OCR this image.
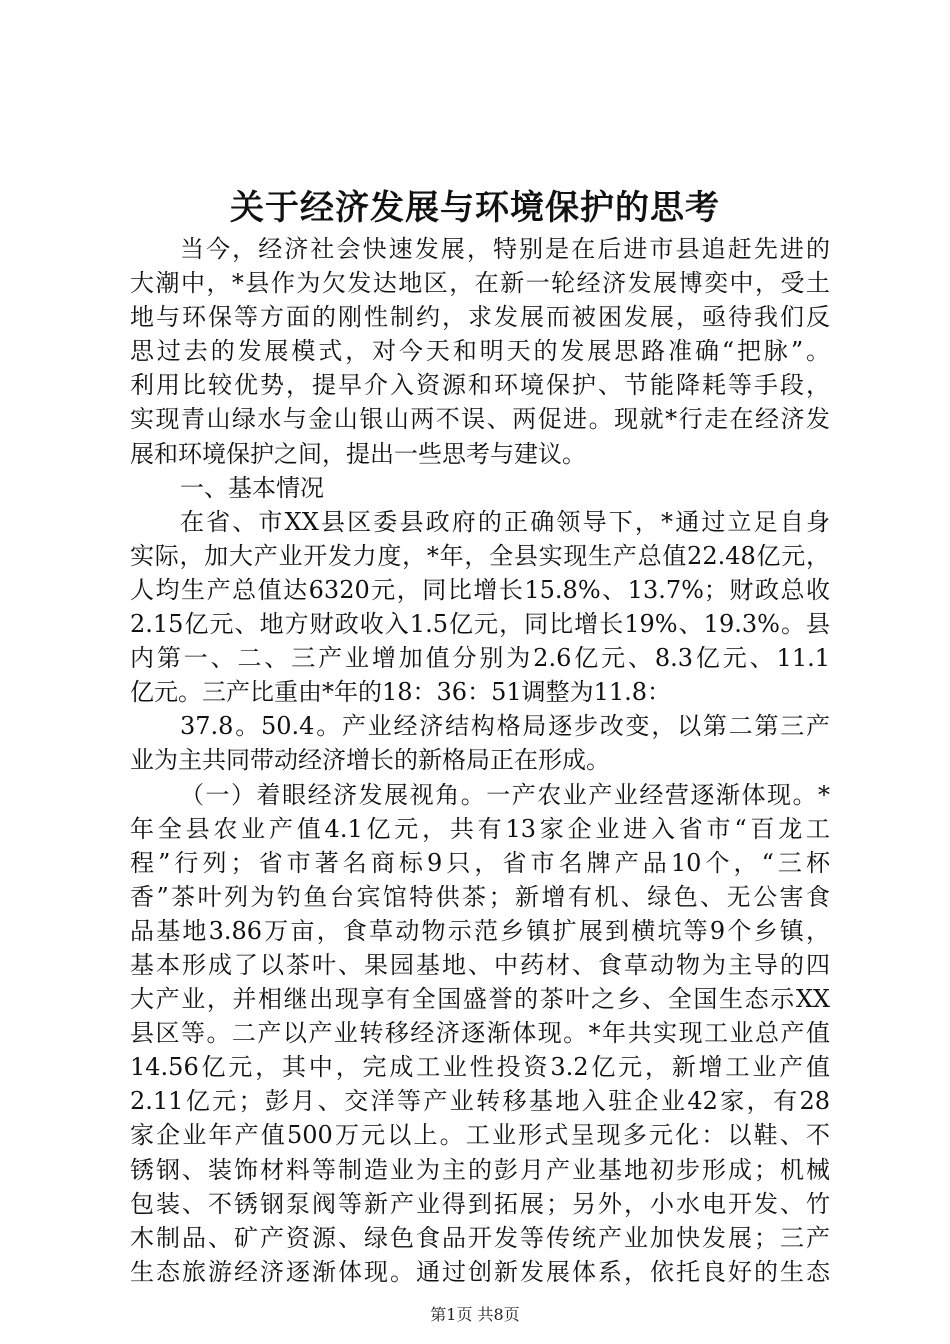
关于经济发展与环境保护的思考
当今，经济社会快速发展，特别是在后进市县追赶先进的
大潮中，*县作为欠发达地区，在新一轮经济发展博奕中，受土
地与环保等方面的刚性制约，求发展而被困发展，亟待我们反
思过去的发展模式，对今天和明天的发展思路准确“把脉”。
利用比较优势，提早介入资源和环境保护、节能降耗等手段，
实现青山绿水与金山银山两不误、两促进。现就*行走在经济发
展和环境保护之间，提出一些思考与建议。
一、基本情况
在省、市XX县区委县政府的正确领导下，*通过立足自身
实际，加大产业开发力度，*年，全县实现生产总值22.48亿元，
人均生产总值达6320元，同比增长15.8%、13.7%；财政总收
2.15亿元、地方财政收入1.5亿元，同比增长19%、19.3%。县
内第一、二、三产业增加值分别为2.6亿元、8.3亿元、11.1
亿元。三产比重由*年的18：36：51调整为11.8：
37.8。50.4。产业经济结构格局逐步改变，以第二第三产
业为主共同带动经济增长的新格局正在形成。
（一）着眼经济发展视角。一产农业产业经营逐渐体现。*
年全县农业产值4.1亿元，共有13家企业进入省市“百龙工
程”行列；省市著名商标9只，省市名牌产品10个，“三杯
香”茶叶列为钓鱼台宾馆特供茶；新增有机、绿色、无公害食
品基地3.86万亩，食草动物示范乡镇扩展到横坑等9个乡镇，
基本形成了以茶叶、果园基地、中药材、食草动物为主导的四
大产业，并相继出现享有全国盛誉的茶叶之乡、全国生态示XX
县区等。二产以产业转移经济逐渐体现。*年共实现工业总产值
14.56亿元，其中，完成工业性投资3.2亿元，新增工业产值
2.11亿元；彭月、交洋等产业转移基地入驻企业42家，有28
家企业年产值500万元以上。工业形式呈现多元化：以鞋、不
锈钢、装饰材料等制造业为主的彭月产业基地初步形成；机械
包装、不锈钢泵阀等新产业得到拓展；另外，小水电开发、竹
木制品、矿产资源、绿色食品开发等传统产业加快发展；三产
生态旅游经济逐渐体现。通过创新发展体系，依托良好的生态
第1页 共8页
